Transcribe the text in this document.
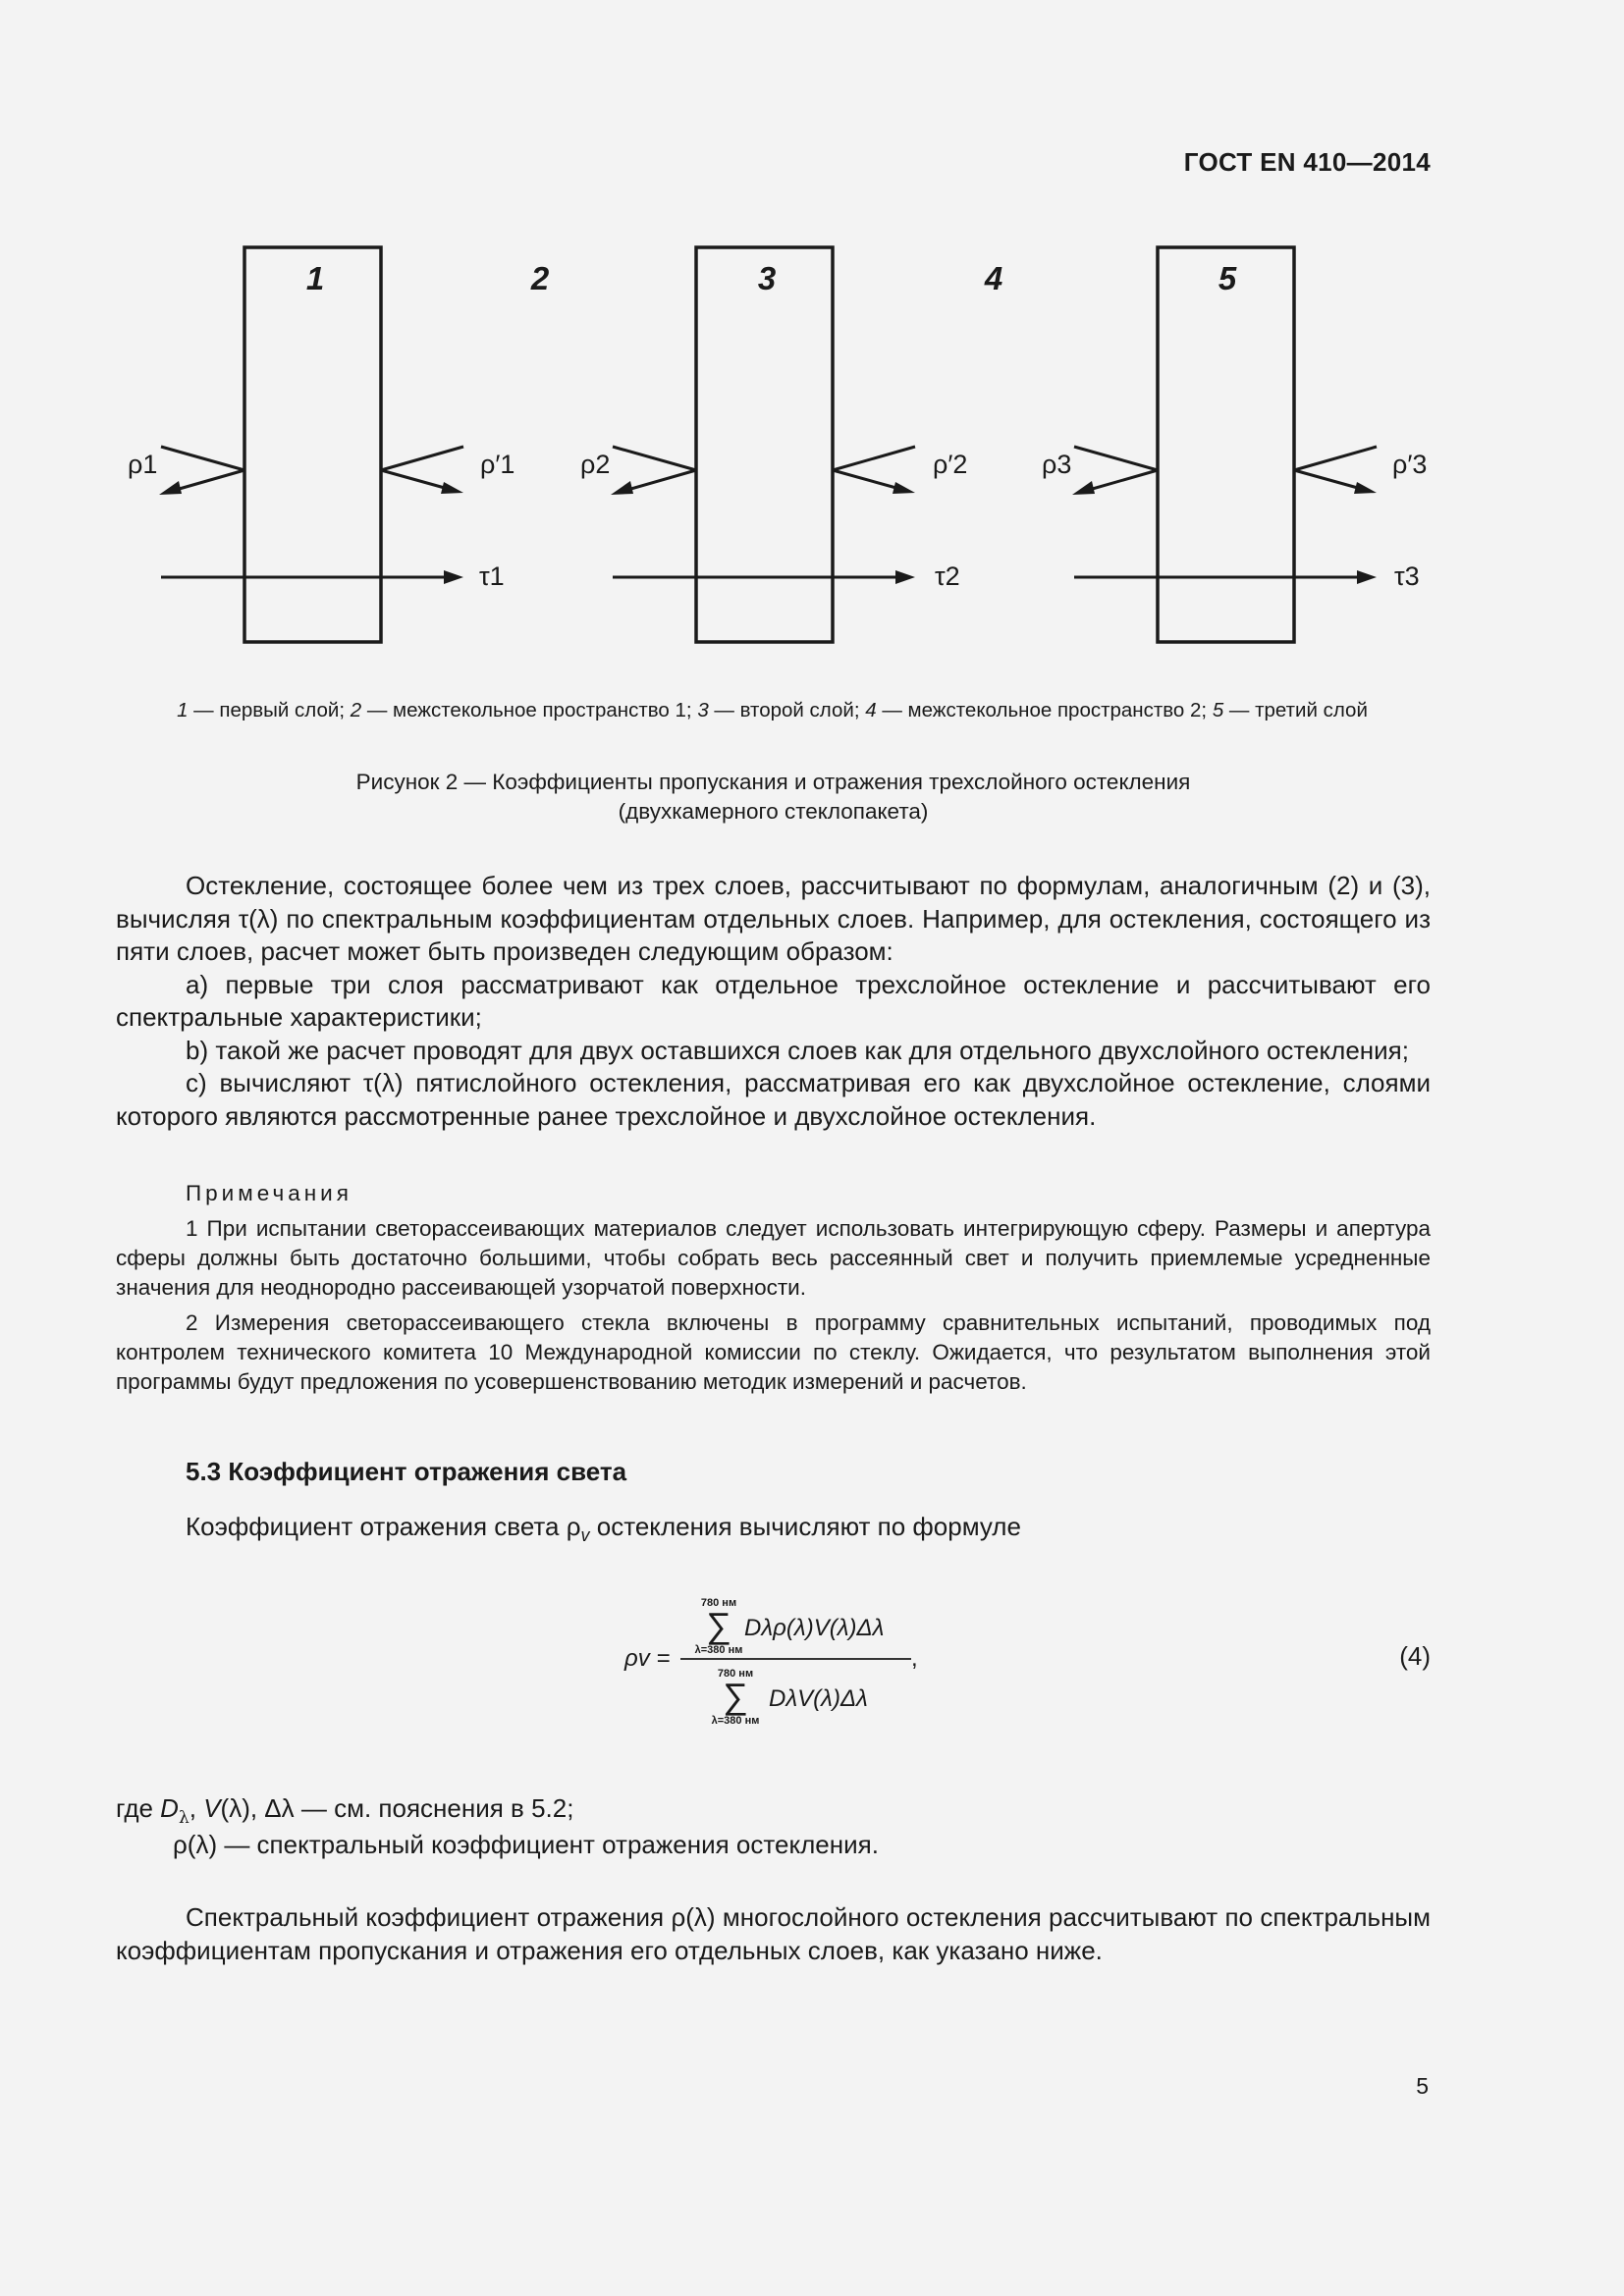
ГОСТ EN 410—2014
1	2	3	4	5
ρ1	ρ′1
τ1
ρ2	ρ′2
τ2
ρ3	ρ′3
τ3
1 — первый слой; 2 — межстекольное пространство 1; 3 — второй слой; 4 — межстекольное пространство 2; 5 — третий слой
Рисунок 2 — Коэффициенты пропускания и отражения трехслойного остекления
(двухкамерного стеклопакета)

Остекление, состоящее более чем из трех слоев, рассчитывают по формулам, аналогичным (2) и (3), вычисляя τ(λ) по спектральным коэффициентам отдельных слоев. Например, для остекления, состоящего из пяти слоев, расчет может быть произведен следующим образом:

а) первые три слоя рассматривают как отдельное трехслойное остекление и рассчитывают его спектральные характеристики;

b) такой же расчет проводят для двух оставшихся слоев как для отдельного двухслойного остекления;

с) вычисляют τ(λ) пятислойного остекления, рассматривая его как двухслойное остекление, слоями которого являются рассмотренные ранее трехслойное и двухслойное остекления.

Примечания

1 При испытании светорассеивающих материалов следует использовать интегрирующую сферу. Размеры и апертура сферы должны быть достаточно большими, чтобы собрать весь рассеянный свет и получить приемлемые усредненные значения для неоднородно рассеивающей узорчатой поверхности.

2 Измерения светорассеивающего стекла включены в программу сравнительных испытаний, проводимых под контролем технического комитета 10 Международной комиссии по стеклу. Ожидается, что результатом выполнения этой программы будут предложения по усовершенствованию методик измерений и расчетов.

5.3 Коэффициент отражения света
Коэффициент отражения света $\rho_v$ остекления вычисляют по формуле
ρv =	,
780 нм
∑
λ=380 нм
Dλρ(λ)V(λ)Δλ
780 нм
∑
λ=380 нм
DλV(λ)Δλ
(4)
где $D_\lambda$, V(λ), Δλ — см. пояснения в 5.2;
ρ(λ) — спектральный коэффициент отражения остекления.

Спектральный коэффициент отражения ρ(λ) многослойного остекления рассчитывают по спектральным коэффициентам пропускания и отражения его отдельных слоев, как указано ниже.

5
